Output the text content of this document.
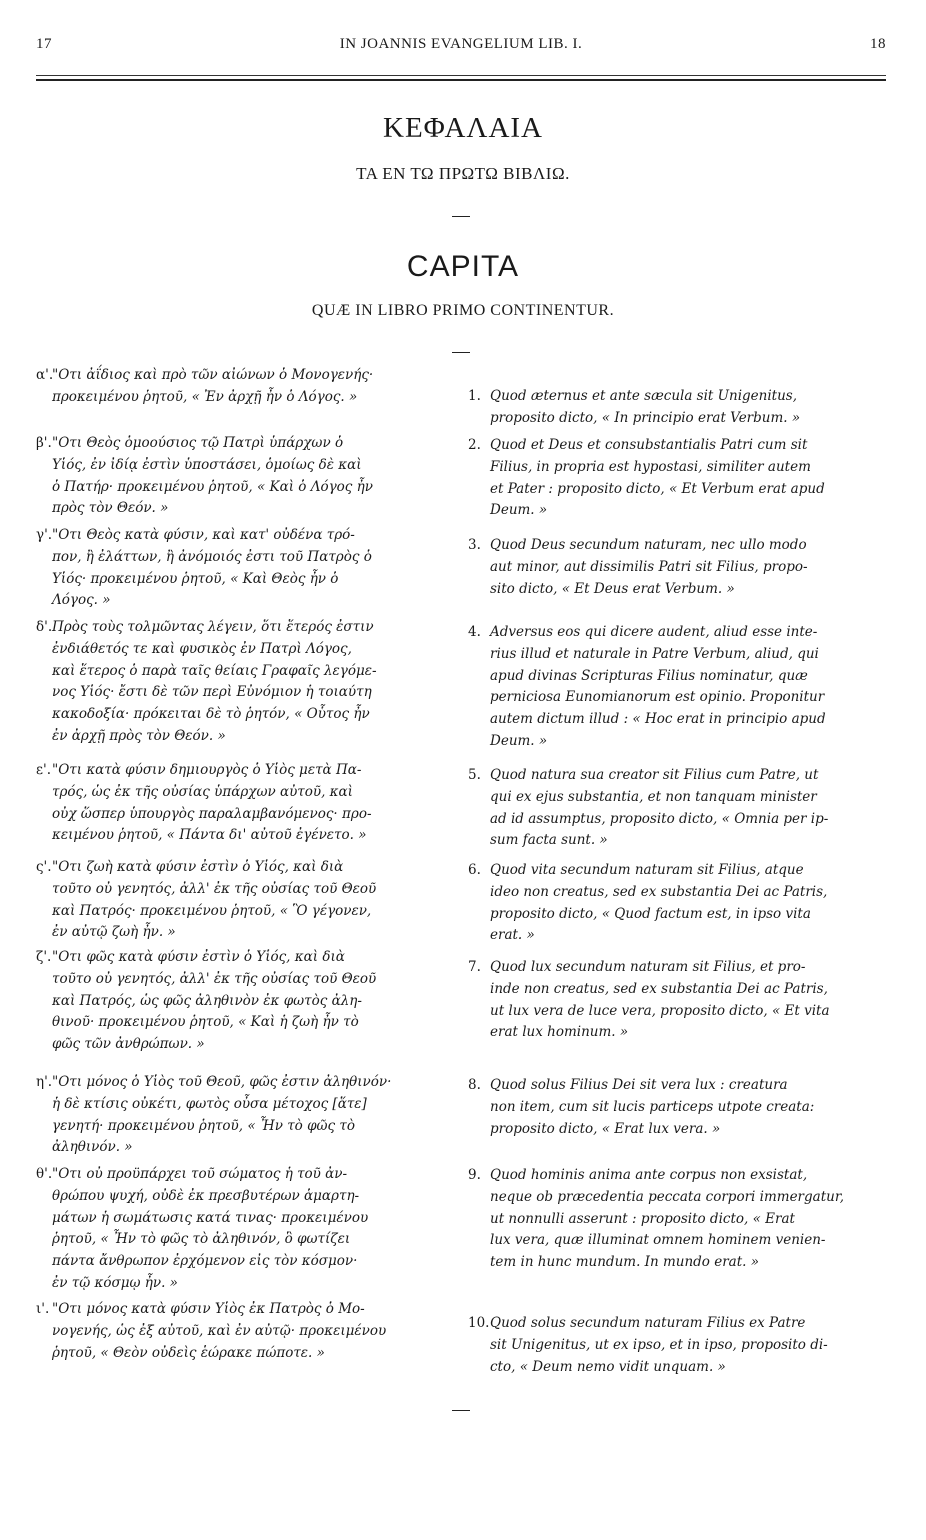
17	IN JOANNIS EVANGELIUM LIB. I.	18
ΚΕΦΑΛΑΙΑ
ΤΑ ΕΝ ΤΩ ΠΡΩΤΩ ΒΙΒΛΙΩ.
CAPITA
QUÆ IN LIBRO PRIMO CONTINENTUR.
α'.
"Οτι ἀΐδιος καὶ πρὸ τῶν αἰώνων ὁ Μονογενής·
προκειμένου ῥητοῦ, « Ἐν ἀρχῇ ἦν ὁ Λόγος. »
β'. "Οτι Θεὸς ὁμοούσιος τῷ Πατρὶ ὑπάρχων ὁ
Υἱός, ἐν ἰδίᾳ ἐστὶν ὑποστάσει, ὁμοίως δὲ καὶ
ὁ Πατήρ· προκειμένου ῥητοῦ, « Καὶ ὁ Λόγος ἦν
πρὸς τὸν Θεόν. »
γ'. "Οτι Θεὸς κατὰ φύσιν, καὶ κατ' οὐδένα τρό-
πον, ἢ ἐλάττων, ἢ ἀνόμοιός ἐστι τοῦ Πατρὸς ὁ
Υἱός· προκειμένου ῥητοῦ, « Καὶ Θεὸς ἦν ὁ
Λόγος. »
δ'. Πρὸς τοὺς τολμῶντας λέγειν, ὅτι ἕτερός ἐστιν
ἐνδιάθετός τε καὶ φυσικὸς ἐν Πατρὶ Λόγος,
καὶ ἕτερος ὁ παρὰ ταῖς θείαις Γραφαῖς λεγόμε-
νος Υἱός· ἔστι δὲ τῶν περὶ Εὐνόμιον ἡ τοιαύτη
κακοδοξία· πρόκειται δὲ τὸ ῥητόν, « Οὗτος ἦν
ἐν ἀρχῇ πρὸς τὸν Θεόν. »
ε'. "Οτι κατὰ φύσιν δημιουργὸς ὁ Υἱὸς μετὰ Πα-
τρός, ὡς ἐκ τῆς οὐσίας ὑπάρχων αὐτοῦ, καὶ
οὐχ ὥσπερ ὑπουργὸς παραλαμβανόμενος· προ-
κειμένου ῥητοῦ, « Πάντα δι' αὐτοῦ ἐγένετο. »
ς'. "Οτι ζωὴ κατὰ φύσιν ἐστὶν ὁ Υἱός, καὶ διὰ
τοῦτο οὐ γενητός, ἀλλ' ἐκ τῆς οὐσίας τοῦ Θεοῦ
καὶ Πατρός· προκειμένου ῥητοῦ, « Ὃ γέγονεν,
ἐν αὐτῷ ζωὴ ἦν. »
ζ'. "Οτι φῶς κατὰ φύσιν ἐστὶν ὁ Υἱός, καὶ διὰ
τοῦτο οὐ γενητός, ἀλλ' ἐκ τῆς οὐσίας τοῦ Θεοῦ
καὶ Πατρός, ὡς φῶς ἀληθινὸν ἐκ φωτὸς ἀλη-
θινοῦ· προκειμένου ῥητοῦ, « Καὶ ἡ ζωὴ ἦν τὸ
φῶς τῶν ἀνθρώπων. »
η'. "Οτι μόνος ὁ Υἱὸς τοῦ Θεοῦ, φῶς ἐστιν ἀληθινόν·
ἡ δὲ κτίσις οὐκέτι, φωτὸς οὖσα μέτοχος [ἅτε]
γενητή· προκειμένου ῥητοῦ, « Ἦν τὸ φῶς τὸ
ἀληθινόν. »
θ'. "Οτι οὐ προϋπάρχει τοῦ σώματος ἡ τοῦ ἀν-
θρώπου ψυχή, οὐδὲ ἐκ πρεσβυτέρων ἁμαρτη-
μάτων ἡ σωμάτωσις κατά τινας· προκειμένου
ῥητοῦ, « Ἦν τὸ φῶς τὸ ἀληθινόν, ὃ φωτίζει
πάντα ἄνθρωπον ἐρχόμενον εἰς τὸν κόσμον·
ἐν τῷ κόσμῳ ἦν. »
ι'. "Οτι μόνος κατὰ φύσιν Υἱὸς ἐκ Πατρὸς ὁ Μο-
νογενής, ὡς ἐξ αὐτοῦ, καὶ ἐν αὐτῷ· προκειμένου
ῥητοῦ, « Θεὸν οὐδεὶς ἑώρακε πώποτε. »
1. Quod æternus et ante sæcula sit Unigenitus,
proposito dicto, « In principio erat Verbum. »
2. Quod et Deus et consubstantialis Patri cum sit
Filius, in propria est hypostasi, similiter autem
et Pater : proposito dicto, « Et Verbum erat apud
Deum. »
3. Quod Deus secundum naturam, nec ullo modo
aut minor, aut dissimilis Patri sit Filius, propo-
sito dicto, « Et Deus erat Verbum. »
4. Adversus eos qui dicere audent, aliud esse inte-
rius illud et naturale in Patre Verbum, aliud, qui
apud divinas Scripturas Filius nominatur, quæ
perniciosa Eunomianorum est opinio. Proponitur
autem dictum illud : « Hoc erat in principio apud
Deum. »
5. Quod natura sua creator sit Filius cum Patre, ut
qui ex ejus substantia, et non tanquam minister
ad id assumptus, proposito dicto, « Omnia per ip-
sum facta sunt. »
6. Quod vita secundum naturam sit Filius, atque
ideo non creatus, sed ex substantia Dei ac Patris,
proposito dicto, « Quod factum est, in ipso vita
erat. »
7. Quod lux secundum naturam sit Filius, et pro-
inde non creatus, sed ex substantia Dei ac Patris,
ut lux vera de luce vera, proposito dicto, « Et vita
erat lux hominum. »
8. Quod solus Filius Dei sit vera lux : creatura
non item, cum sit lucis particeps utpote creata:
proposito dicto, « Erat lux vera. »
9. Quod hominis anima ante corpus non exsistat,
neque ob præcedentia peccata corpori immergatur,
ut nonnulli asserunt : proposito dicto, « Erat
lux vera, quæ illuminat omnem hominem venien-
tem in hunc mundum. In mundo erat. »
10. Quod solus secundum naturam Filius ex Patre
sit Unigenitus, ut ex ipso, et in ipso, proposito di-
cto, « Deum nemo vidit unquam. »
